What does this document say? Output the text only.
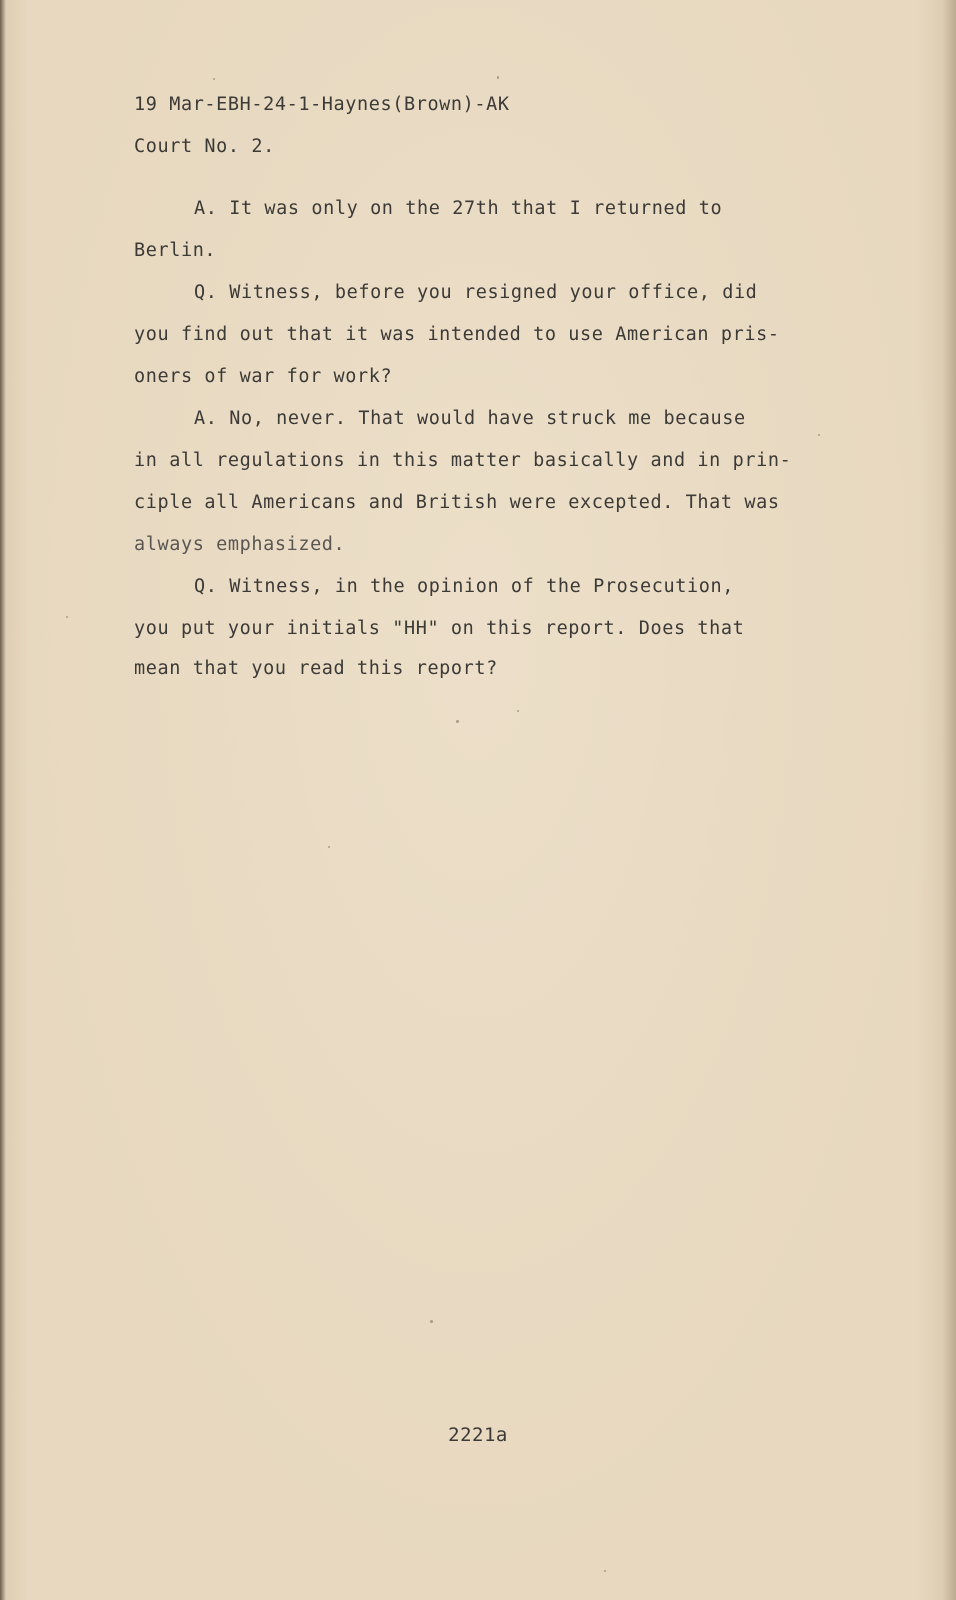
19 Mar-EBH-24-1-Haynes(Brown)-AK

Court No. 2.

A. It was only on the 27th that I returned to

Berlin.

Q. Witness, before you resigned your office, did

you find out that it was intended to use American pris-

oners of war for work?

A. No, never. That would have struck me because

in all regulations in this matter basically and in prin-

ciple all Americans and British were excepted. That was

always emphasized.

Q. Witness, in the opinion of the Prosecution,

you put your initials "HH" on this report. Does that

mean that you read this report?

2221a
